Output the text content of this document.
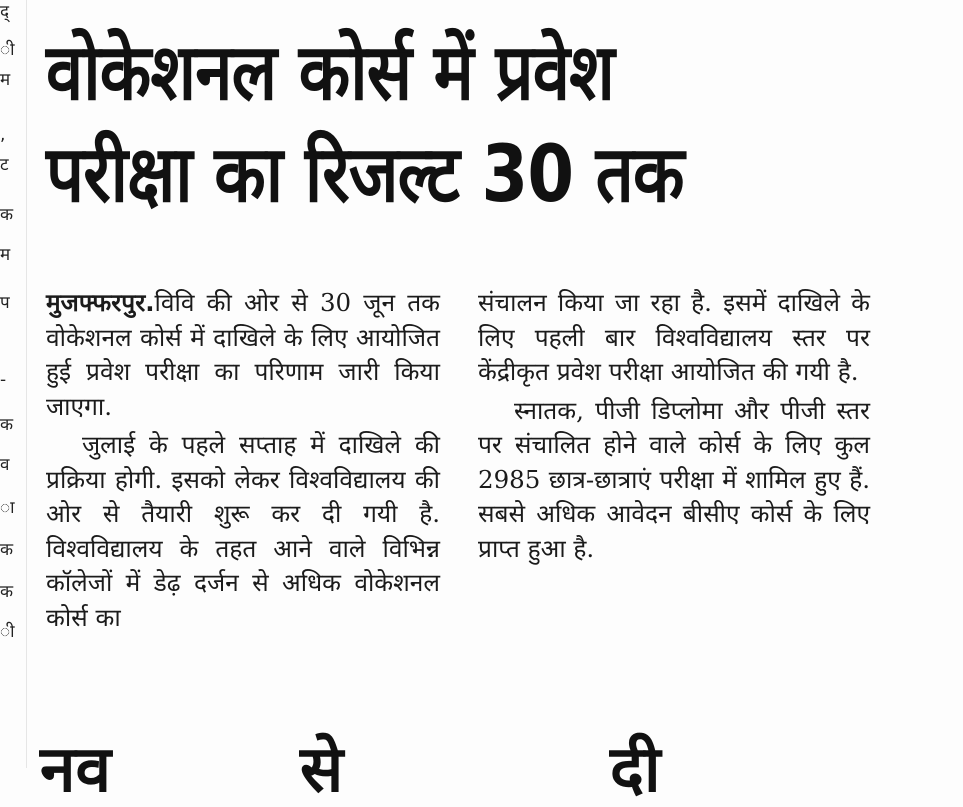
द्
ी
म
,
ट
क
म
प
-
क
व
ा
क
क
ी
वोकेशनल कोर्स में प्रवेश
परीक्षा का रिजल्ट 30 तक

मुजफ्फरपुर.विवि की ओर से 30 जून तक वोकेशनल कोर्स में दाखिले के लिए आयोजित हुई प्रवेश परीक्षा का परिणाम जारी किया जाएगा.

जुलाई के पहले सप्ताह में दाखिले की प्रक्रिया होगी. इसको लेकर विश्वविद्यालय की ओर से तैयारी शुरू कर दी गयी है. विश्वविद्यालय के तहत आने वाले विभिन्न कॉलेजों में डेढ़ दर्जन से अधिक वोकेशनल कोर्स का

संचालन किया जा रहा है. इसमें दाखिले के लिए पहली बार विश्वविद्यालय स्तर पर केंद्रीकृत प्रवेश परीक्षा आयोजित की गयी है.

स्नातक, पीजी डिप्लोमा और पीजी स्तर पर संचालित होने वाले कोर्स के लिए कुल 2985 छात्र-छात्राएं परीक्षा में शामिल हुए हैं. सबसे अधिक आवेदन बीसीए कोर्स के लिए प्राप्त हुआ है.

नव	से	दी
